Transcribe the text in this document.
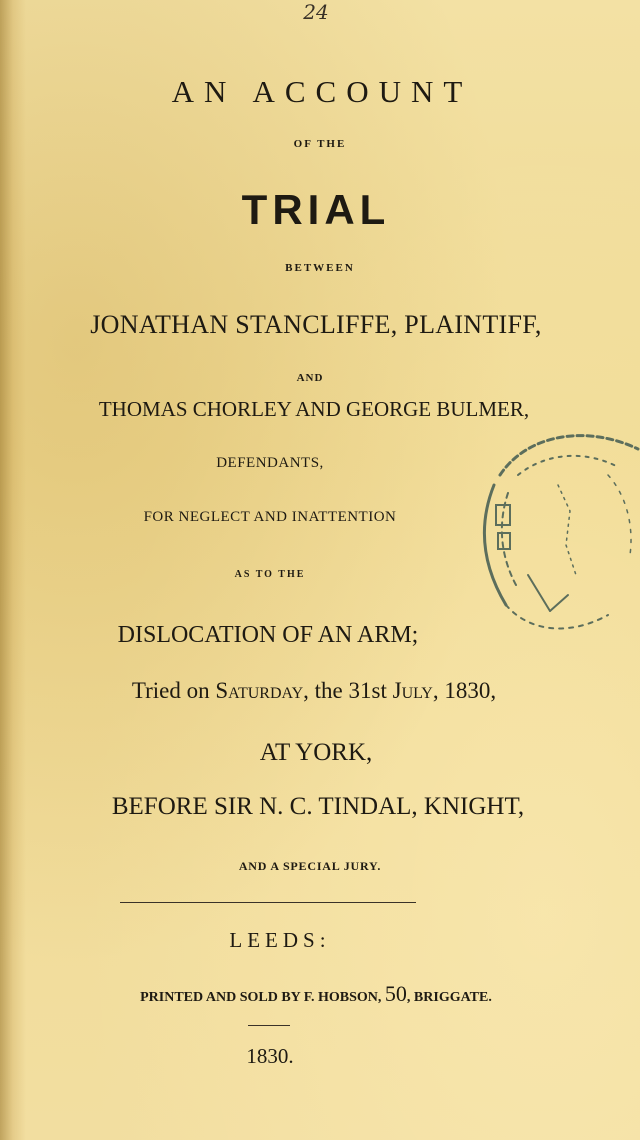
24

AN ACCOUNT

OF THE

TRIAL

BETWEEN

JONATHAN STANCLIFFE, PLAINTIFF,

AND

THOMAS CHORLEY AND GEORGE BULMER,

DEFENDANTS,

FOR NEGLECT AND INATTENTION

AS TO THE

DISLOCATION OF AN ARM;

Tried on Saturday, the 31st July, 1830,

AT YORK,

BEFORE SIR N. C. TINDAL, KNIGHT,

AND A SPECIAL JURY.

LEEDS:

PRINTED AND SOLD BY F. HOBSON, 50, BRIGGATE.

1830.
